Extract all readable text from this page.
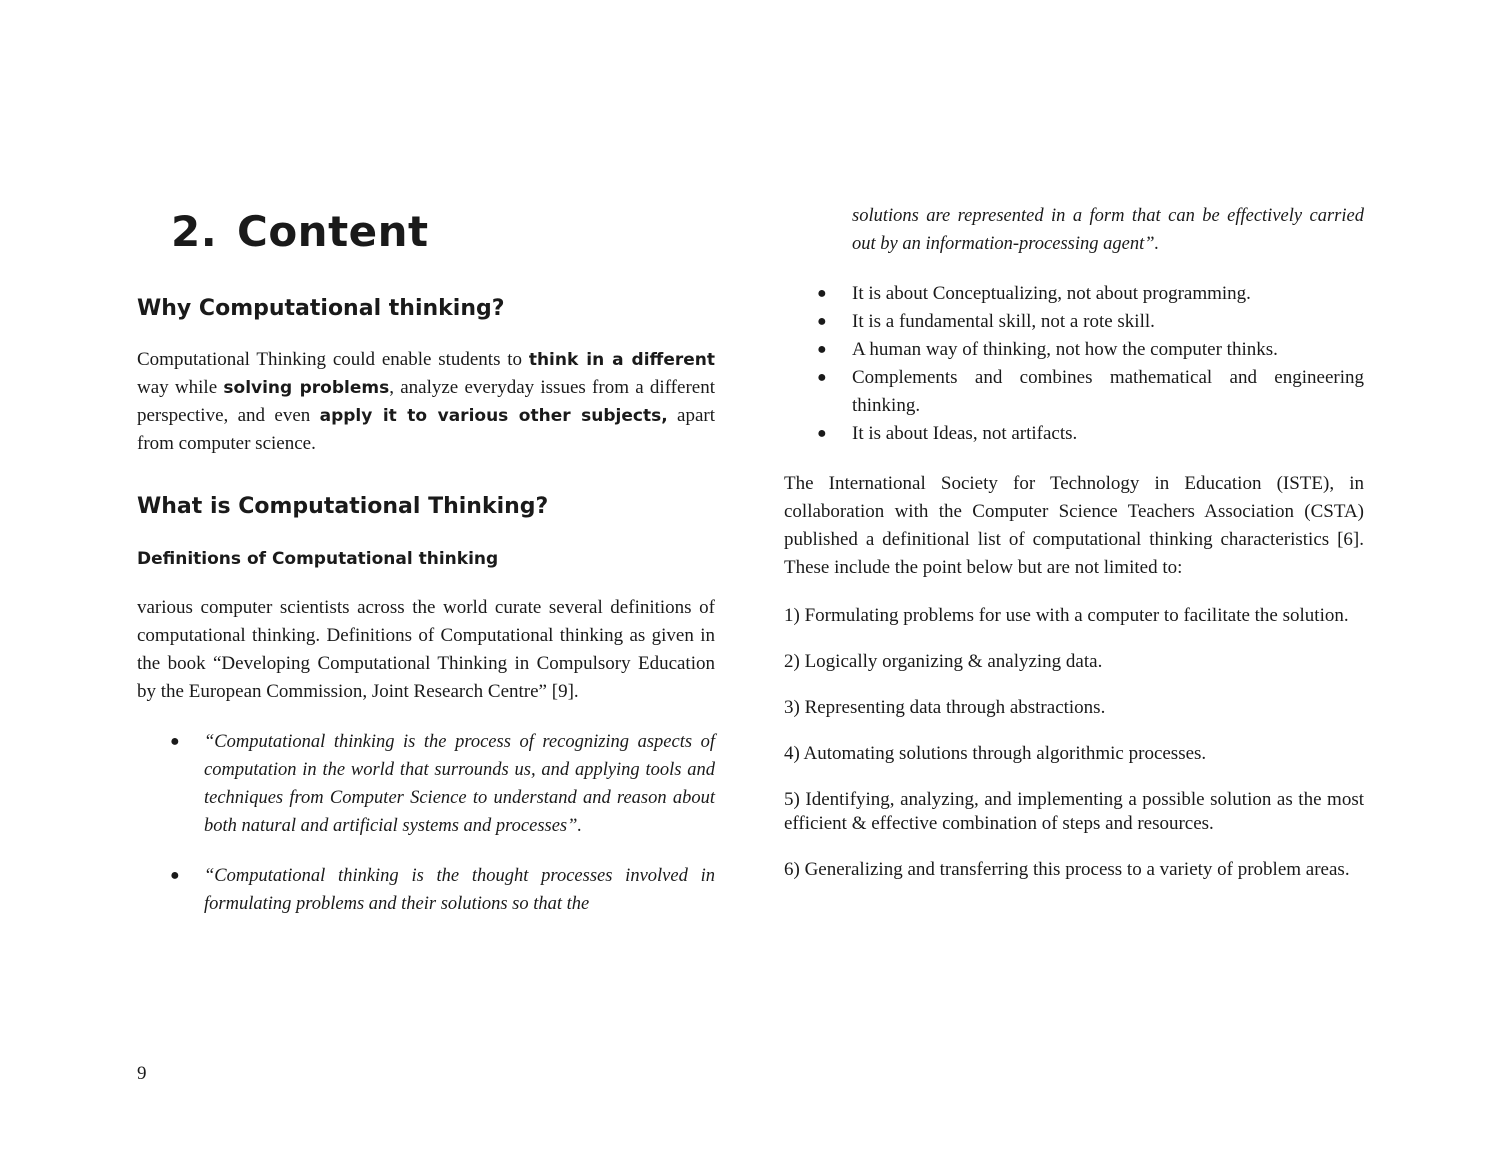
2. Content
Why Computational thinking?

Computational Thinking could enable students to think in a different way while solving problems, analyze everyday issues from a different perspective, and even apply it to various other subjects, apart from computer science.

What is Computational Thinking?
Definitions of Computational thinking

various computer scientists across the world curate several definitions of computational thinking. Definitions of Computational thinking as given in the book “Developing Computational Thinking in Compulsory Education by the European Commission, Joint Research Centre” [9].

● “Computational thinking is the process of recognizing aspects of computation in the world that surrounds us, and applying tools and techniques from Computer Science to understand and reason about both natural and artificial systems and processes”.
● “Computational thinking is the thought processes involved in formulating problems and their solutions so that the

solutions are represented in a form that can be effectively carried out by an information-processing agent”.

● It is about Conceptualizing, not about programming.
● It is a fundamental skill, not a rote skill.
● A human way of thinking, not how the computer thinks.
● Complements and combines mathematical and engineering thinking.
● It is about Ideas, not artifacts.

The International Society for Technology in Education (ISTE), in collaboration with the Computer Science Teachers Association (CSTA) published a definitional list of computational thinking characteristics [6]. These include the point below but are not limited to:

1) Formulating problems for use with a computer to facilitate the solution.
2) Logically organizing & analyzing data.
3) Representing data through abstractions.
4) Automating solutions through algorithmic processes.
5) Identifying, analyzing, and implementing a possible solution as the most efficient & effective combination of steps and resources.
6) Generalizing and transferring this process to a variety of problem areas.
9
